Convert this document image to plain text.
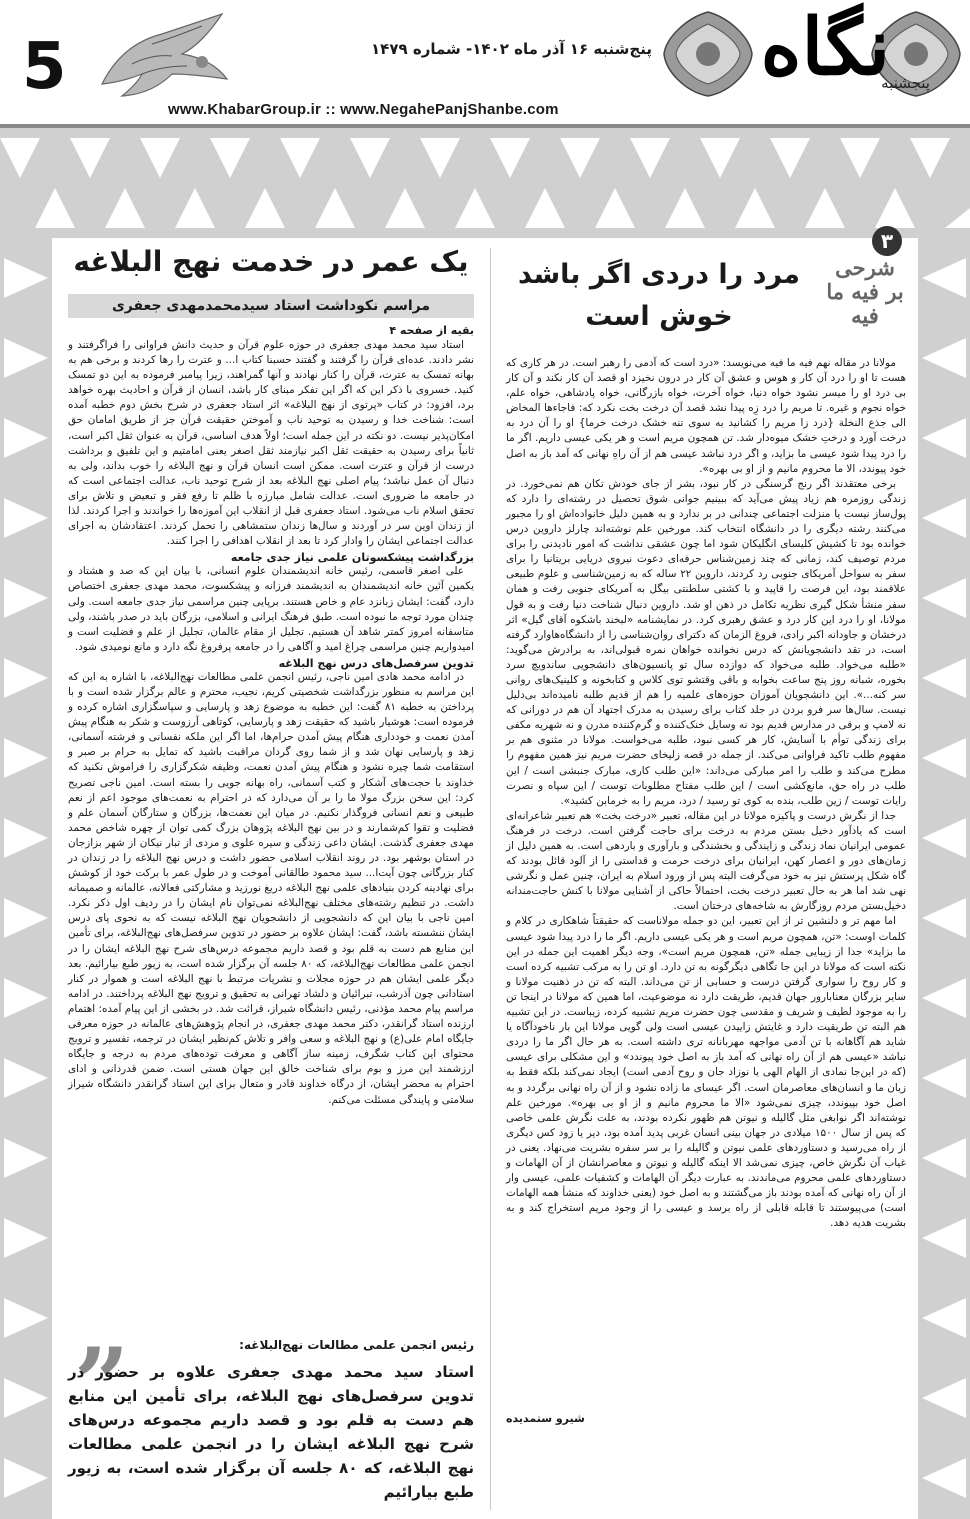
5	پنج‌شنبه ۱۶ آذر ماه ۱۴۰۲- شماره ۱۴۷۹
www.KhabarGroup.ir :: www.NegahePanjShanbe.com
نگاه
پنجشنبه
۳
شرحی بر فیه ما فیه
مرد را دردی اگر باشد خوش است

مولانا در مقاله نهم فیه ما فیه می‌نویسد: «درد است که آدمی را رهبر است. در هر کاری که هست تا او را درد آن کار و هوس و عشق آن کار در درون نخیزد او قصد آن کار نکند و آن کار بی درد او را میسر نشود خواه دنیا، خواه آخرت، خواه بازرگانی، خواه پادشاهی، خواه علم، خواه نجوم و غیره. تا مریم را درد زِه پیدا نشد قصد آن درخت بخت نکرد که: فاجاءها المخاض الی جذع النخلة {درد زا مریم را کشانید به سوی تنه خشک درخت خرما} او را آن درد به درخت آورد و درختِ خشک میوه‌دار شد. تن همچون مریم است و هر یکی عیسی داریم. اگر ما را درد پیدا شود عیسی ما بزاید، و اگر درد نباشد عیسی هم از آن راهِ نهانی که آمد باز به اصل خود پیوندد، الا ما محروم مانیم و از او بی بهره».

برخی معتقدند اگر رنج گرسنگی در کار نبود، بشر از جای خودش تکان هم نمی‌خورد. در زندگی روزمره هم زیاد پیش می‌آید که ببینیم جوانی شوق تحصیل در رشته‌ای را دارد که پول‌ساز نیست یا منزلت اجتماعی چندانی در بر ندارد و به همین دلیل خانواده‌اش او را مجبور می‌کنند رشته دیگری را در دانشگاه انتخاب کند. مورخین علم نوشته‌اند چارلز داروین درس خوانده بود تا کشیش کلیسای انگلیکان شود اما چون عشقی نداشت که امور نادیدنی را برای مردم توصیف کند، زمانی که چند زمین‌شناس حرفه‌ای دعوت نیروی دریایی بریتانیا را برای سفر به سواحل آمریکای جنوبی رد کردند، داروین ۲۲ ساله که به زمین‌شناسی و علوم طبیعی علاقمند بود، این فرصت را قاپید و با کشتی سلطنتی بیگل به آمریکای جنوبی رفت و همان سفر منشأ شکل گیری نظریه تکامل در ذهن او شد. داروین دنبال شناخت دنیا رفت و به قول مولانا، او را درد این کار درد و عشق رهبری کرد. در نمایشنامه «لبخند باشکوه آقای گیل» اثر درخشان و جاودانه اکبر رادی، فروغ الزمان که دکترای روان‌شناسی را از دانشگاه‌هاوارد گرفته است، در تقد دانشجویانش که درس نخوانده خواهان نمره قبولی‌اند، به برادرش می‌گوید: «طلبه می‌خواد. طلبه می‌خواد که دوازده سال تو پانسیون‌های دانشجویی ساندویچ سرد بخوره، شبانه روز پنج ساعت بخوابه و باقی وقتشو توی کلاس و کتابخونه و کلینیک‌های روانی سر کنه...». این دانشجویان آموزان حوزه‌های علمیه را هم از قدیم طلبه نامیده‌اند بی‌دلیل نیست. سال‌ها سر فرو بردن در جلد کتاب برای رسیدن به مدرک اجتهاد آن هم در دورانی که نه لامپ و برقی در مدارس قدیم بود نه وسایل خنک‌کننده و گرم‌کننده مدرن و نه شهریه مکفی برای زندگی توأم با آسایش، کار هر کسی نبود، طلبه می‌خواست. مولانا در مثنوی هم بر مفهوم طلب تاکید فراوانی می‌کند. از جمله در قصه زلیخای حضرت مریم نیز همین مفهوم را مطرح می‌کند و طلب را امر مبارکی می‌داند: «این طلب کاری، مبارک جنبشی است / این طلب در راه حق، مانع‌کشی است / این طلب مفتاح مطلوبات توست / این سپاه و نصرت رایات توست / زین طلب، بنده به کوی تو رسید / درد، مریم را به خرمابن کشید».

جدا از نگرش درست و پاکیزه مولانا در این مقاله، تعبیر «درخت بخت» هم تعبیر شاعرانه‌ای است که یادآور دخیل بستن مردم به درخت برای حاجت گرفتن است. درخت در فرهنگ عمومی ایرانیان نماد زندگی و زایندگی و بخشندگی و بارآوری و باردهی است. به همین دلیل از زمان‌های دور و اعصار کهن، ایرانیان برای درخت حرمت و قداستی را از آلود قائل بودند که گاه شکل پرستش نیز به خود می‌گرفت البته پس از ورود اسلام به ایران، چنین عمل و نگرشی نهی شد اما هر به حال تعبیر درخت بخت، احتمالاً حاکی از آشنایی مولانا با کنش حاجت‌مندانه دخیل‌بستن مردم روزگارش به شاخه‌های درختان است.

اما مهم تر و دلنشین تر از این تعبیر، این دو جمله مولاناست که حقیقتاً شاهکاری در کلام و کلمات اوست: «تن، همچون مریم است و هر یکی عیسی داریم. اگر ما را درد پیدا شود عیسی ما بزاید» جدا از زیبایی جمله «تن، همچون مریم است»، وجه دیگر اهمیت این جمله در این نکته است که مولانا در این جا تگاهی دیگرگونه به تن دارد. او تن را به مرکب تشبیه کرده است و کار روح را سواری گرفتن درست و حسابی از تن می‌داند. البته که تن در ذهنیت مولانا و سایر بزرگان معنابارور جهان قدیم، طریقت دارد نه موضوعیت، اما همین که مولانا در اینجا تن را به موجود لطیف و شریف و مقدسی چون حضرت مریم تشبیه کرده، زیباست. در این تشبیه هم البته تن طریقیت دارد و غایتش زاییدن عیسی است ولی گویی مولانا این بار ناخودآگاه یا شاید هم آگاهانه با تن آدمی مواجهه مهربانانه تری داشته است. به هر حال اگر ما را دردی نباشد «عیسی هم از آن راه نهانی که آمد باز به اصل خود پیوندد» و این مشکلی برای عیسی (که در این‌جا نمادی از الهام الهی یا نوزاد جان و روح آدمی است) ایجاد نمی‌کند بلکه فقط به زیان ما و انسان‌های معاصرمان است. اگر عیسای ما زاده نشود و از آن راه نهانی برگردد و به اصل خود بپیوندد، چیزی نمی‌شود «الا ما محروم مانیم و از او بی بهره». مورخین علم نوشته‌اند اگر نوابغی مثل گالیله و نیوتن هم ظهور نکرده بودند، به علت نگرش علمی خاصی که پس از سال ۱۵۰۰ میلادی در جهان بینی انسان غربی پدید آمده بود، دیر یا زود کس دیگری از راه می‌رسید و دستاوردهای علمی نیوتن و گالیله را بر سر سفره بشریت می‌نهاد. یعنی در غیاب آن نگرش خاص، چیزی نمی‌شد الا اینکه گالیله و نیوتن و معاصرانشان از آن الهامات و دستاوردهای علمی محروم می‌ماندند. به عبارت دیگر آن الهامات و کشفیات علمی، عیسی وار از آن راه نهانی که آمده بودند باز می‌گشتند و به اصل خود (یعنی خداوند که منشأ همه الهامات است) می‌پیوستند تا قابله قابلی از راه برسد و عیسی را از وجود مریم استخراج کند و به بشریت هدیه دهد.

شیرو ستمدیده
یک عمر در خدمت نهج البلاغه
مراسم نکوداشت استاد سیدمحمدمهدی جعفری
بقیه از صفحه ۴

استاد سید محمد مهدی جعفری در حوزه علوم قرآن و حدیث دانش فراوانی را فراگرفتند و نشر دادند. عده‌ای قرآن را گرفتند و گفتند حسبنا کتاب ا... و عترت را رها کردند و برخی هم به بهانه تمسک به عترت، قرآن را کنار نهادند و آنها گمراهند، زیرا پیامبر فرموده به این دو تمسک کنید. خسروی با ذکر این که اگر این تفکر مبنای کار باشد، انسان از قرآن و احادیث بهره خواهد برد، افزود: در کتاب «پرتوی از نهج البلاغه» اثر استاد جعفری در شرح بخش دوم خطبه آمده است: شناخت خدا و رسیدن به توحید ناب و آموختن حقیقت قرآن جز از طریق امامان حق امکان‌پذیر نیست. دو نکته در این جمله است؛ اولاً هدف اساسی، قرآن به عنوان ثقل اکبر است، ثانیاً برای رسیدن به حقیقت ثقل اکبر نیازمند ثقل اصغر یعنی امامتیم و این تلفیق و برداشت درست از قرآن و عترت است. ممکن است انسان قرآن و نهج البلاغه را خوب بداند، ولی به دنبال آن عمل نباشد؛ پیام اصلی نهج البلاغه بعد از شرح توحید ناب، عدالت اجتماعی است که در جامعه ما ضروری است. عدالت شامل مبارزه با ظلم تا رفع فقر و تبعیض و تلاش برای تحقق اسلام ناب می‌شود. استاد جعفری قبل از انقلاب این آموزه‌ها را خواندند و اجرا کردند. لذا از زندان اوین سر در آوردند و سال‌ها زندان ستمشاهی را تحمل کردند. اعتقادشان به اجرای عدالت اجتماعی ایشان را وادار کرد تا بعد از انقلاب اهدافی را اجرا کنند.

بزرگداشت پیشکسوتان علمی نیاز جدی جامعه

علی اصغر قاسمی، رئیس خانه اندیشمندان علوم انسانی، با بیان این که صد و هشتاد و یکمین آئین خانه اندیشمندان به اندیشمند فرزانه و پیشکسوت، محمد مهدی جعفری اختصاص دارد، گفت: ایشان زبانزد عام و خاص هستند. برپایی چنین مراسمی نیاز جدی جامعه است. ولی چندان مورد توجه ما نبوده است. طبق فرهنگ ایرانی و اسلامی، بزرگان باید در صدر باشند، ولی متاسفانه امروز کمتر شاهد آن هستیم. تجلیل از مقام عالمان، تجلیل از علم و فضلیت است و امیدواریم چنین مراسمی چراغ امید و آگاهی را در جامعه پرفروغ نگه دارد و مانع نومیدی شود.

تدوین سرفصل‌های درس نهج البلاغه

در ادامه محمد هادی امین ناجی، رئیس انجمن علمی مطالعات نهج‌البلاغه، با اشاره به این که این مراسم به منظور بزرگداشت شخصیتی کریم، نجیب، محترم و عالم برگزار شده است و با پرداختن به خطبه ۸۱ گفت: این خطبه به موضوع زهد و پارسایی و سپاسگزاری اشاره کرده و فرموده است: هوشیار باشید که حقیقت زهد و پارسایی، کوتاهی آرزوست و شکر به هنگام پیش آمدن نعمت و خودداری هنگام پیش آمدن حرام‌ها، اما اگر این ملکه نفسانی و فرشته آسمانی، زهد و پارسایی نهان شد و از شما روی گردان مراقبت باشید که تمایل به حرام بر صبر و استقامت شما چیره نشود و هنگام پیش آمدن نعمت، وظیفه شکرگزاری را فراموش نکنید که خداوند با حجت‌های آشکار و کتب آسمانی، راه بهانه جویی را بسته است. امین ناجی تصریح کرد: این سخن بزرگ مولا ما را بر آن می‌دارد که در احترام به نعمت‌های موجود اعم از نعم طبیعی و نعم انسانی فروگذار نکنیم. در میان این نعمت‌ها، بزرگان و ستارگان آسمان علم و فضلیت و تقوا کم‌شمارند و در بین نهج البلاغه پژوهان بزرگ کمی توان از چهره شاخص محمد مهدی جعفری گذشت. ایشان داعی زندگی و سیره علوی و مردی از تبار نیکان از شهر بزا‌زجان در استان بوشهر بود. در روند انقلاب اسلامی حضور داشت و درس نهج البلاغه را در زندان در کنار بزرگانی چون آیت‌ا... سید محمود طالقانی آموخت و در طول عمر با برکت خود از کوشش برای نهادینه کردن بنیادهای علمی نهج البلاغه دریغ نورزید و مشارکتی فعالانه، عالمانه و صمیمانه داشت. در تنظیم رشته‌های مختلف نهج‌البلاغه نمی‌توان نام ایشان را در ردیف اول ذکر نکرد. امین ناجی با بیان این که دانشجویی از دانشجویان نهج البلاغه نیست که به نحوی پای درس ایشان ننشسته باشد، گفت: ایشان علاوه بر حضور در تدوین سرفصل‌های نهج‌البلاغه، برای تأمین این منابع هم دست به قلم بود و قصد داریم مجموعه درس‌های شرح نهج البلاغه ایشان را در انجمن علمی مطالعات نهج‌البلاغه، که ۸۰ جلسه آن برگزار شده است، به زیور طبع بیارائیم. بعد دیگر علمی ایشان هم در حوزه مجلات و نشریات مرتبط با نهج البلاغه است و هموار در کنار استادانی چون آذرشب، تبرائیان و دلشاد تهرانی به تحقیق و ترویج نهج البلاغه پرداختند. در ادامه مراسم پیام محمد مؤذنی، رئیس دانشگاه شیراز، قرائت شد. در بخشی از این پیام آمده: اهتمام ارزنده استاد گرانقدر، دکتر محمد مهدی جعفری، در انجام پژوهش‌های عالمانه در حوزه معرفی جایگاه امام علی(ع) و نهج البلاغه و سعی وافر و تلاش کم‌نظیر ایشان در ترجمه، تفسیر و ترویج محتوای این کتاب شگرف، زمینه ساز آگاهی و معرفت توده‌های مردم به درجه و جایگاه ارزشمند این مرز و بوم برای شناخت خالق این جهان هستی است. ضمن قدردانی و ادای احترام به محضر ایشان، از درگاه خداوند قادر و متعال برای این استاد گرانقدر دانشگاه شیراز سلامتی و پایندگی مسئلت می‌کنم.

”	رئیس انجمن علمی مطالعات نهج‌البلاغه:
استاد سید محمد مهدی جعفری علاوه بر حضور در تدوین سرفصل‌های نهج البلاغه، برای تأمین این منابع هم دست به قلم بود و قصد داریم مجموعه درس‌های شرح نهج البلاغه ایشان را در انجمن علمی مطالعات نهج البلاغه، که ۸۰ جلسه آن برگزار شده است، به زیور طبع بیارائیم
